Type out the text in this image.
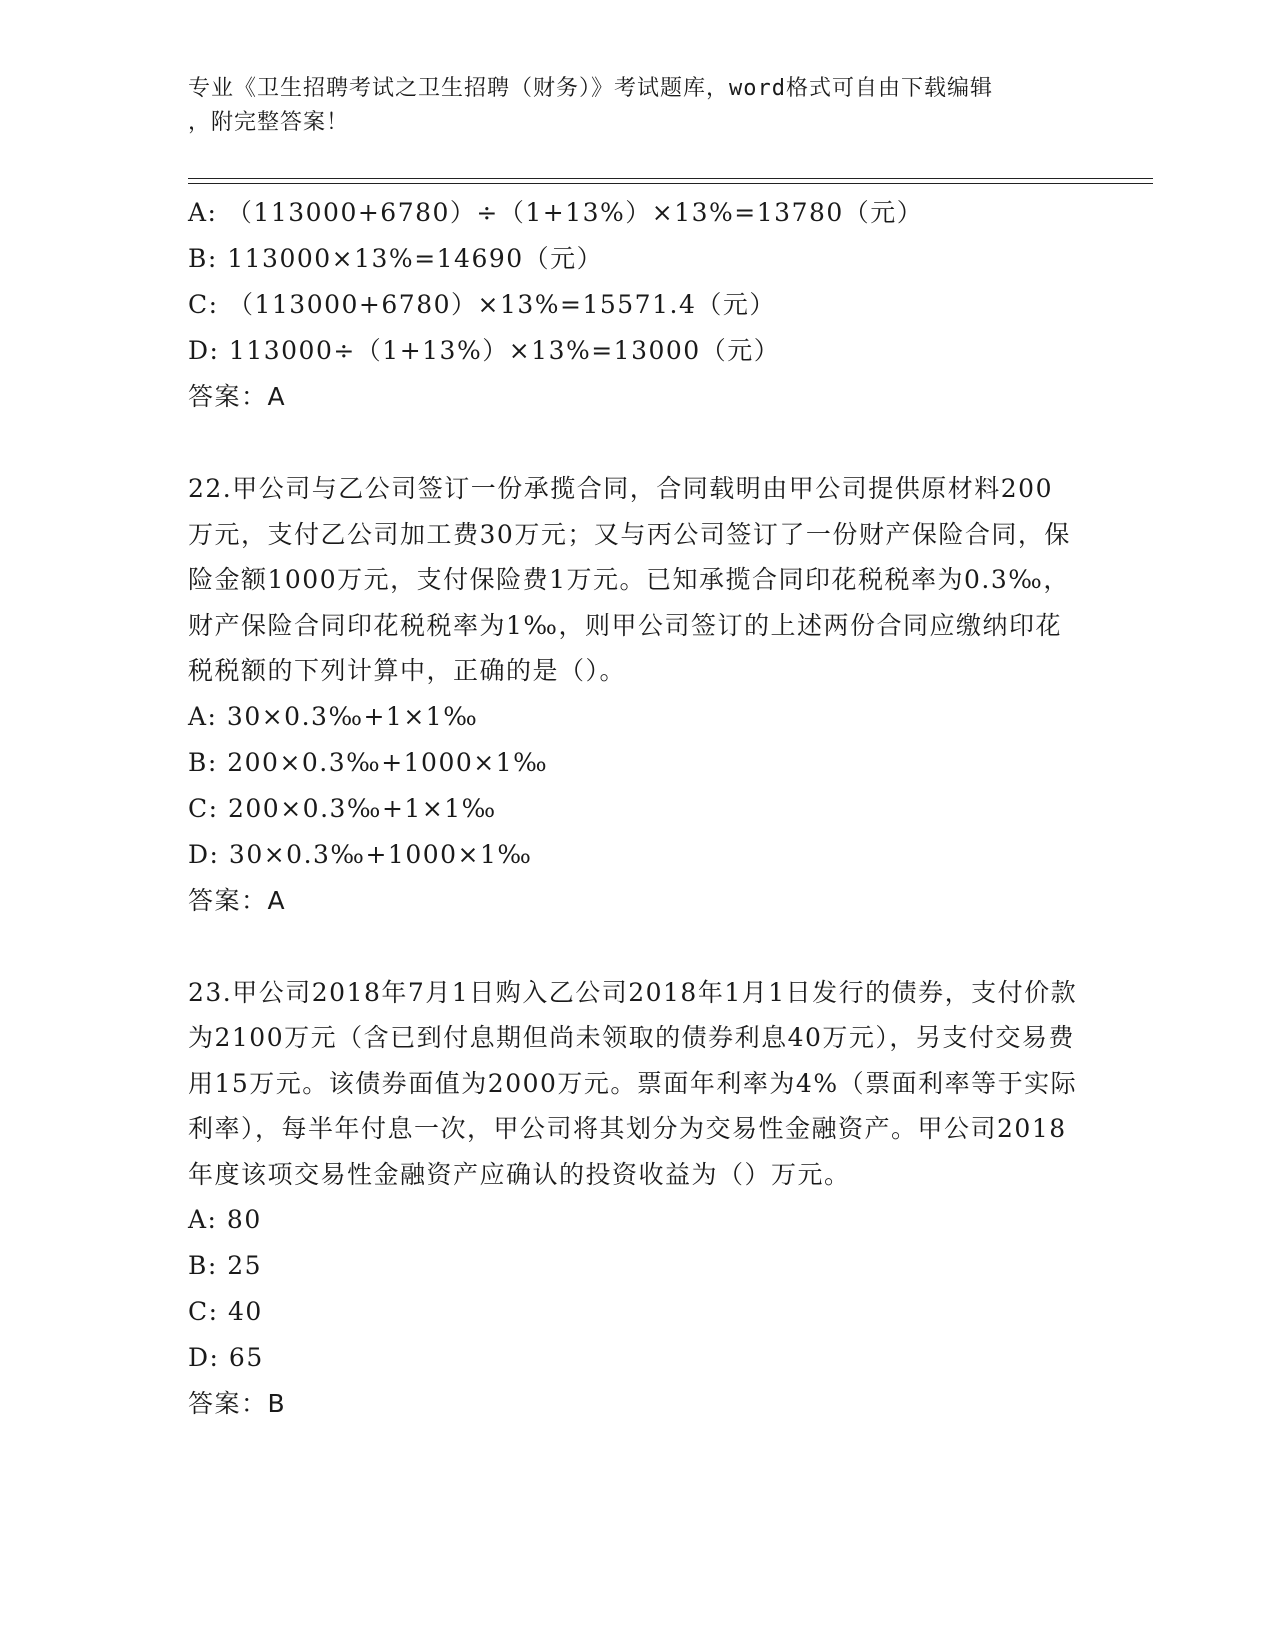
专业《卫生招聘考试之卫生招聘（财务）》考试题库，word格式可自由下载编辑
，附完整答案！
A: （113000+6780）÷（1+13%）×13%=13780（元）
B: 113000×13%=14690（元）
C: （113000+6780）×13%=15571.4（元）
D: 113000÷（1+13%）×13%=13000（元）
答案：A
22.甲公司与乙公司签订一份承揽合同，合同载明由甲公司提供原材料200万元，支付乙公司加工费30万元；又与丙公司签订了一份财产保险合同，保险金额1000万元，支付保险费1万元。已知承揽合同印花税税率为0.3‰，财产保险合同印花税税率为1‰，则甲公司签订的上述两份合同应缴纳印花税税额的下列计算中，正确的是（）。
A: 30×0.3‰+1×1‰
B: 200×0.3‰+1000×1‰
C: 200×0.3‰+1×1‰
D: 30×0.3‰+1000×1‰
答案：A
23.甲公司2018年7月1日购入乙公司2018年1月1日发行的债券，支付价款为2100万元（含已到付息期但尚未领取的债券利息40万元），另支付交易费用15万元。该债券面值为2000万元。票面年利率为4%（票面利率等于实际利率），每半年付息一次，甲公司将其划分为交易性金融资产。甲公司2018年度该项交易性金融资产应确认的投资收益为（）万元。
A: 80
B: 25
C: 40
D: 65
答案：B
